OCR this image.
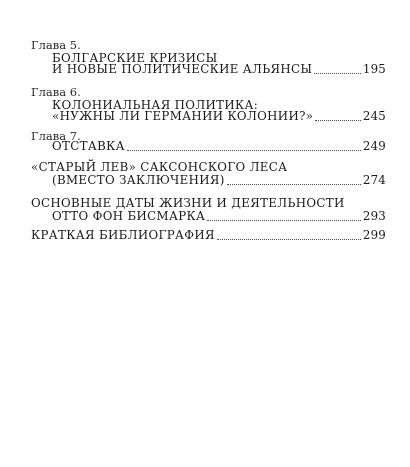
Глава 5.
БОЛГАРСКИЕ КРИЗИСЫ
И НОВЫЕ ПОЛИТИЧЕСКИЕ АЛЬЯНСЫ	195
Глава 6.
КОЛОНИАЛЬНАЯ ПОЛИТИКА:
«НУЖНЫ ЛИ ГЕРМАНИИ КОЛОНИИ?»	245
Глава 7.
ОТСТАВКА	249
«СТАРЫЙ ЛЕВ» САКСОНСКОГО ЛЕСА
(ВМЕСТО ЗАКЛЮЧЕНИЯ)	274
ОСНОВНЫЕ ДАТЫ ЖИЗНИ И ДЕЯТЕЛЬНОСТИ
ОТТО ФОН БИСМАРКА	293
КРАТКАЯ БИБЛИОГРАФИЯ	299
